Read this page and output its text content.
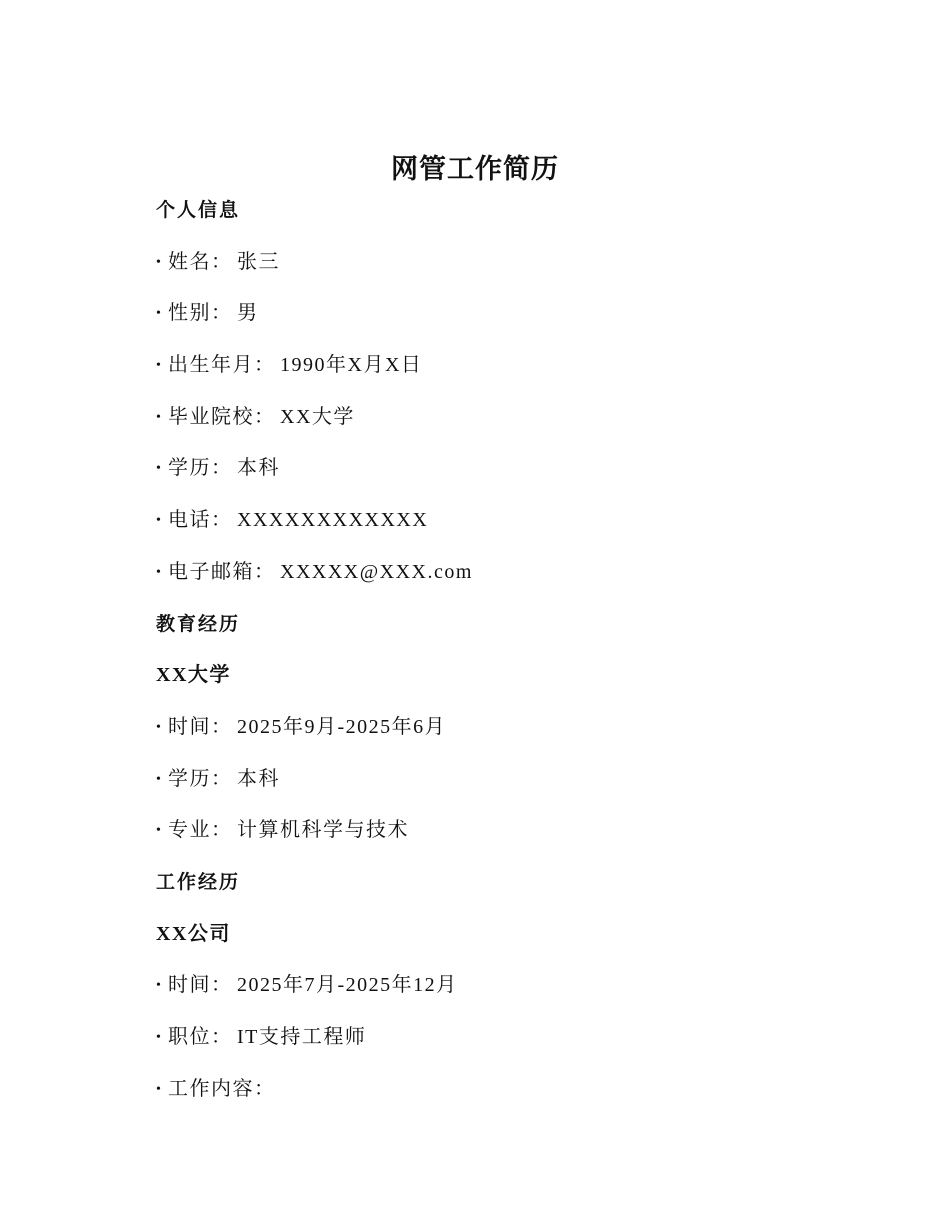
网管工作简历
个人信息
• 姓名： 张三
• 性别： 男
• 出生年月： 1990年X月X日
• 毕业院校： XX大学
• 学历： 本科
• 电话： XXXXXXXXXXXX
• 电子邮箱： XXXXX@XXX.com
教育经历
XX大学
• 时间： 2025年9月-2025年6月
• 学历： 本科
• 专业： 计算机科学与技术
工作经历
XX公司
• 时间： 2025年7月-2025年12月
• 职位： IT支持工程师
• 工作内容：
